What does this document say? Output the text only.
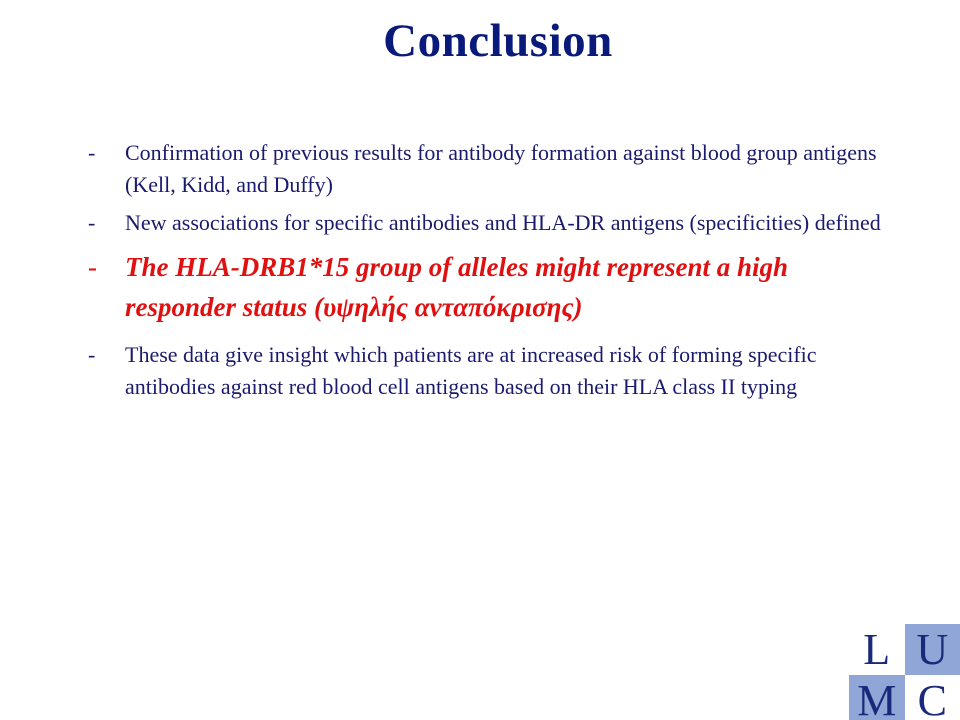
Conclusion
-	Confirmation of previous results for antibody formation against blood group antigens (Kell, Kidd, and Duffy)
-	New associations for specific antibodies and HLA-DR antigens (specificities) defined
-	The HLA-DRB1*15 group of alleles might represent a high responder status (υψηλής ανταπόκρισης)
-	These data give insight which patients are at increased risk of forming specific antibodies against red blood cell antigens based on their HLA class II typing
L U
M C
